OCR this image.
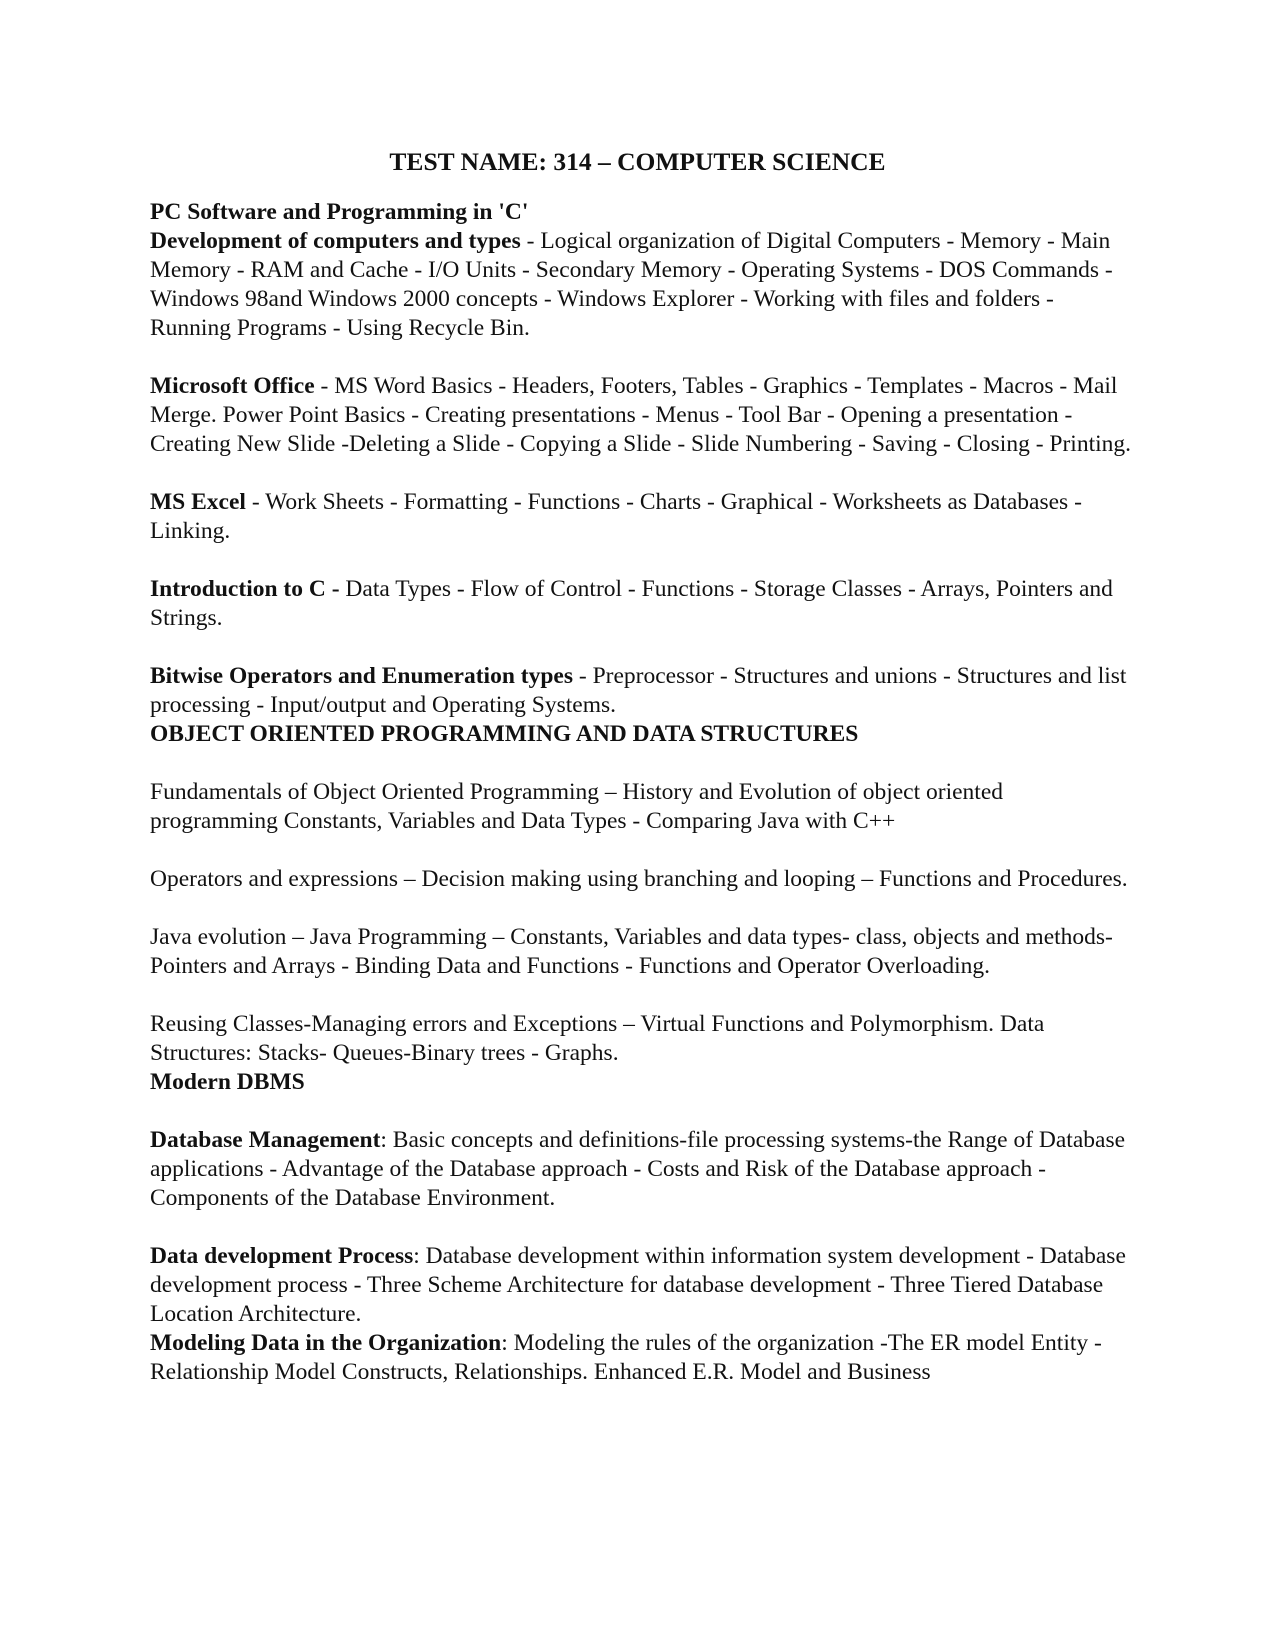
TEST NAME: 314 – COMPUTER SCIENCE

PC Software and Programming in 'C'

Development of computers and types - Logical organization of Digital Computers - Memory - Main Memory - RAM and Cache - I/O Units - Secondary Memory - Operating Systems - DOS Commands - Windows 98and Windows 2000 concepts - Windows Explorer - Working with files and folders - Running Programs - Using Recycle Bin.

Microsoft Office - MS Word Basics - Headers, Footers, Tables - Graphics - Templates - Macros - Mail Merge. Power Point Basics - Creating presentations - Menus - Tool Bar - Opening a presentation - Creating New Slide -Deleting a Slide - Copying a Slide - Slide Numbering - Saving - Closing - Printing.

MS Excel - Work Sheets - Formatting - Functions - Charts - Graphical - Worksheets as Databases - Linking.

Introduction to C - Data Types - Flow of Control - Functions - Storage Classes - Arrays, Pointers and Strings.

Bitwise Operators and Enumeration types - Preprocessor - Structures and unions - Structures and list processing - Input/output and Operating Systems.

OBJECT ORIENTED PROGRAMMING AND DATA STRUCTURES

Fundamentals of Object Oriented Programming – History and Evolution of object oriented programming Constants, Variables and Data Types - Comparing Java with C++

Operators and expressions – Decision making using branching and looping – Functions and Procedures.

Java evolution – Java Programming – Constants, Variables and data types- class, objects and methods-Pointers and Arrays - Binding Data and Functions - Functions and Operator Overloading.

Reusing Classes-Managing errors and Exceptions – Virtual Functions and Polymorphism. Data Structures: Stacks- Queues-Binary trees - Graphs.

Modern DBMS

Database Management: Basic concepts and definitions-file processing systems-the Range of Database applications - Advantage of the Database approach - Costs and Risk of the Database approach - Components of the Database Environment.

Data development Process: Database development within information system development - Database development process - Three Scheme Architecture for database development - Three Tiered Database Location Architecture.

Modeling Data in the Organization: Modeling the rules of the organization -The ER model Entity -Relationship Model Constructs, Relationships. Enhanced E.R. Model and Business
